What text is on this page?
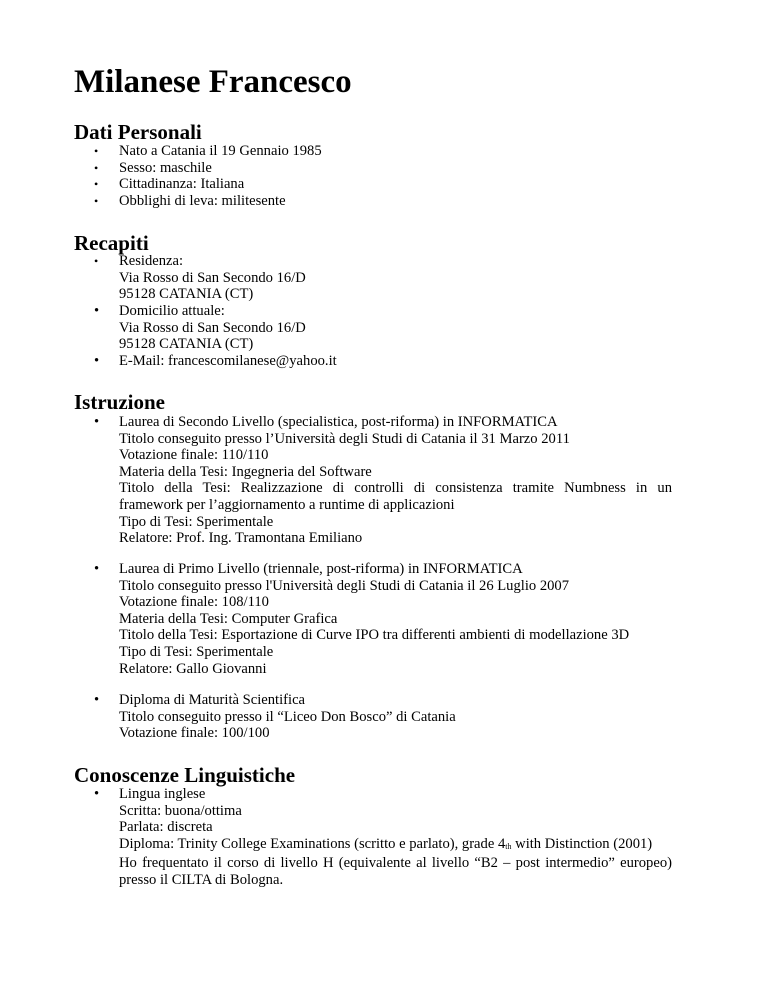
Milanese Francesco
Dati Personali
• Nato a Catania il 19 Gennaio 1985
• Sesso: maschile
• Cittadinanza: Italiana
• Obblighi di leva: militesente
Recapiti
• Residenza:
Via Rosso di San Secondo 16/D
95128 CATANIA (CT)
• Domicilio attuale:
Via Rosso di San Secondo 16/D
95128 CATANIA (CT)
• E-Mail: francescomilanese@yahoo.it
Istruzione
• Laurea di Secondo Livello (specialistica, post-riforma) in INFORMATICA
Titolo conseguito presso l’Università degli Studi di Catania il 31 Marzo 2011
Votazione finale: 110/110
Materia della Tesi: Ingegneria del Software
Titolo della Tesi: Realizzazione di controlli di consistenza tramite Numbness in un
framework per l’aggiornamento a runtime di applicazioni
Tipo di Tesi: Sperimentale
Relatore: Prof. Ing. Tramontana Emiliano
• Laurea di Primo Livello (triennale, post-riforma) in INFORMATICA
Titolo conseguito presso l'Università degli Studi di Catania il 26 Luglio 2007
Votazione finale: 108/110
Materia della Tesi: Computer Grafica
Titolo della Tesi: Esportazione di Curve IPO tra differenti ambienti di modellazione 3D
Tipo di Tesi: Sperimentale
Relatore: Gallo Giovanni
• Diploma di Maturità Scientifica
Titolo conseguito presso il “Liceo Don Bosco” di Catania
Votazione finale: 100/100
Conoscenze Linguistiche
• Lingua inglese
Scritta: buona/ottima
Parlata: discreta
Diploma: Trinity College Examinations (scritto e parlato), grade $4_{th}$ with Distinction (2001)
Ho frequentato il corso di livello H (equivalente al livello “B2 – post intermedio” europeo)
presso il CILTA di Bologna.
